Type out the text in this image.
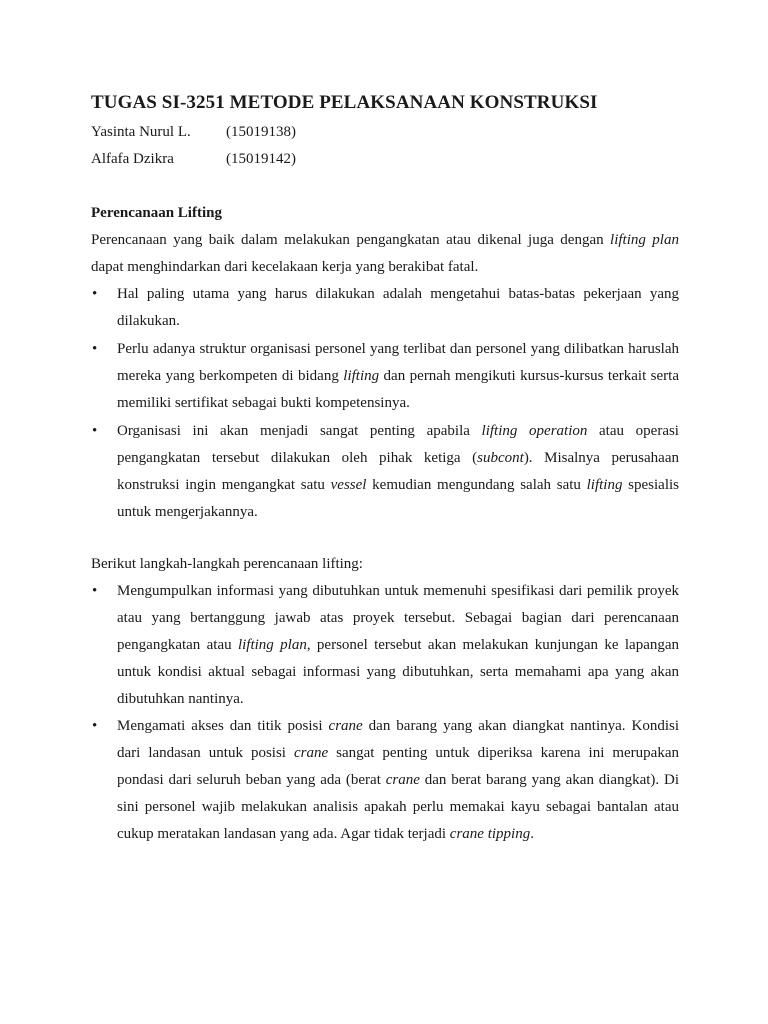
TUGAS SI-3251 METODE PELAKSANAAN KONSTRUKSI
Yasinta Nurul L. (15019138)
Alfafa Dzikra	(15019142)
Perencanaan Lifting

Perencanaan yang baik dalam melakukan pengangkatan atau dikenal juga dengan lifting plan dapat menghindarkan dari kecelakaan kerja yang berakibat fatal.

• Hal paling utama yang harus dilakukan adalah mengetahui batas-batas pekerjaan yang dilakukan.
• Perlu adanya struktur organisasi personel yang terlibat dan personel yang dilibatkan haruslah mereka yang berkompeten di bidang lifting dan pernah mengikuti kursus-kursus terkait serta memiliki sertifikat sebagai bukti kompetensinya.
• Organisasi ini akan menjadi sangat penting apabila lifting operation atau operasi pengangkatan tersebut dilakukan oleh pihak ketiga (subcont). Misalnya perusahaan konstruksi ingin mengangkat satu vessel kemudian mengundang salah satu lifting spesialis untuk mengerjakannya.

Berikut langkah-langkah perencanaan lifting:

• Mengumpulkan informasi yang dibutuhkan untuk memenuhi spesifikasi dari pemilik proyek atau yang bertanggung jawab atas proyek tersebut. Sebagai bagian dari perencanaan pengangkatan atau lifting plan, personel tersebut akan melakukan kunjungan ke lapangan untuk kondisi aktual sebagai informasi yang dibutuhkan, serta memahami apa yang akan dibutuhkan nantinya.
• Mengamati akses dan titik posisi crane dan barang yang akan diangkat nantinya. Kondisi dari landasan untuk posisi crane sangat penting untuk diperiksa karena ini merupakan pondasi dari seluruh beban yang ada (berat crane dan berat barang yang akan diangkat). Di sini personel wajib melakukan analisis apakah perlu memakai kayu sebagai bantalan atau cukup meratakan landasan yang ada. Agar tidak terjadi crane tipping.
